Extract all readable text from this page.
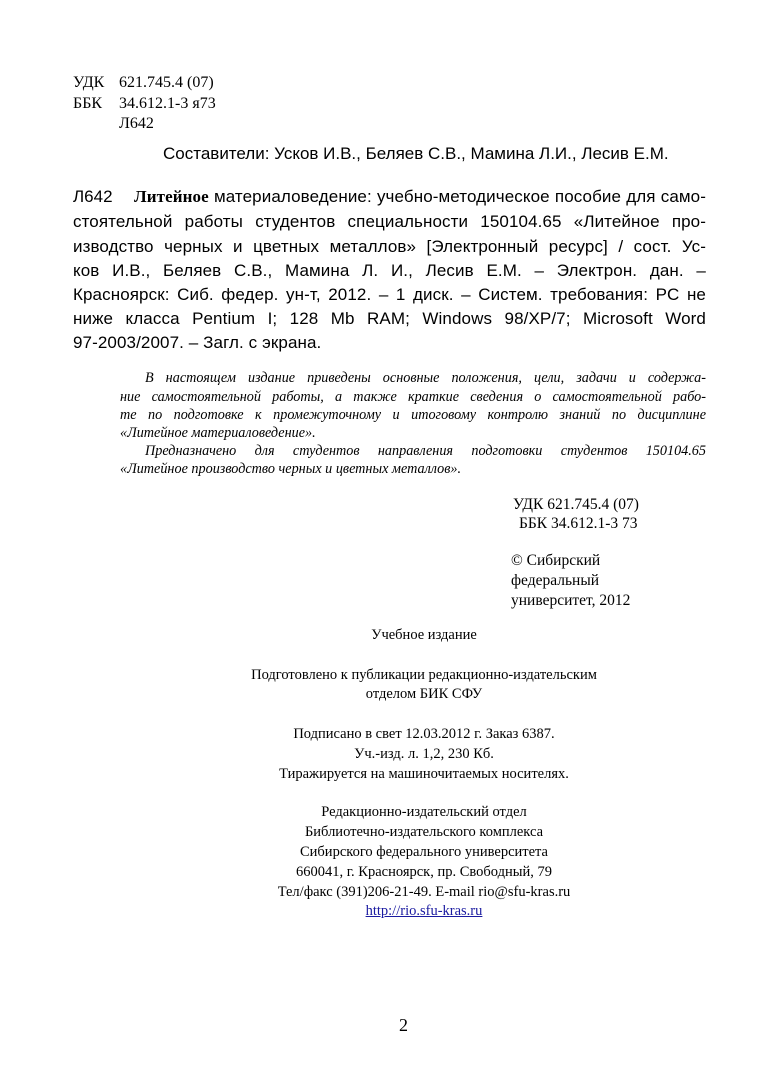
УДК 621.745.4 (07)
ББК 34.612.1-3 я73
Л642
Составители: Усков И.В., Беляев С.В., Мамина Л.И., Лесив Е.М.
Л642 Литейное материаловедение: учебно-методическое пособие для само-
стоятельной работы студентов специальности 150104.65 «Литейное про-
изводство черных и цветных металлов» [Электронный ресурс] / сост. Ус-
ков И.В., Беляев С.В., Мамина Л. И., Лесив Е.М. – Электрон. дан. –
Красноярск: Сиб. федер. ун-т, 2012. – 1 диск. – Систем. требования: PC не
ниже класса Pentium I; 128 Mb RAM; Windows 98/XP/7; Microsoft Word
97-2003/2007. – Загл. с экрана.
В настоящем издание приведены основные положения, цели, задачи и содержа-
ние самостоятельной работы, а также краткие сведения о самостоятельной рабо-
те по подготовке к промежуточному и итоговому контролю знаний по дисциплине
«Литейное материаловедение».
Предназначено для студентов направления подготовки студентов 150104.65
«Литейное производство черных и цветных металлов».
УДК 621.745.4 (07)
ББК 34.612.1-3 73
© Сибирский
федеральный
университет, 2012
Учебное издание
Подготовлено к публикации редакционно-издательским
отделом БИК СФУ
Подписано в свет 12.03.2012 г. Заказ 6387.
Уч.-изд. л. 1,2, 230 Кб.
Тиражируется на машиночитаемых носителях.
Редакционно-издательский отдел
Библиотечно-издательского комплекса
Сибирского федерального университета
660041, г. Красноярск, пр. Свободный, 79
Тел/факс (391)206-21-49. E-mail rio@sfu-kras.ru
http://rio.sfu-kras.ru
2
